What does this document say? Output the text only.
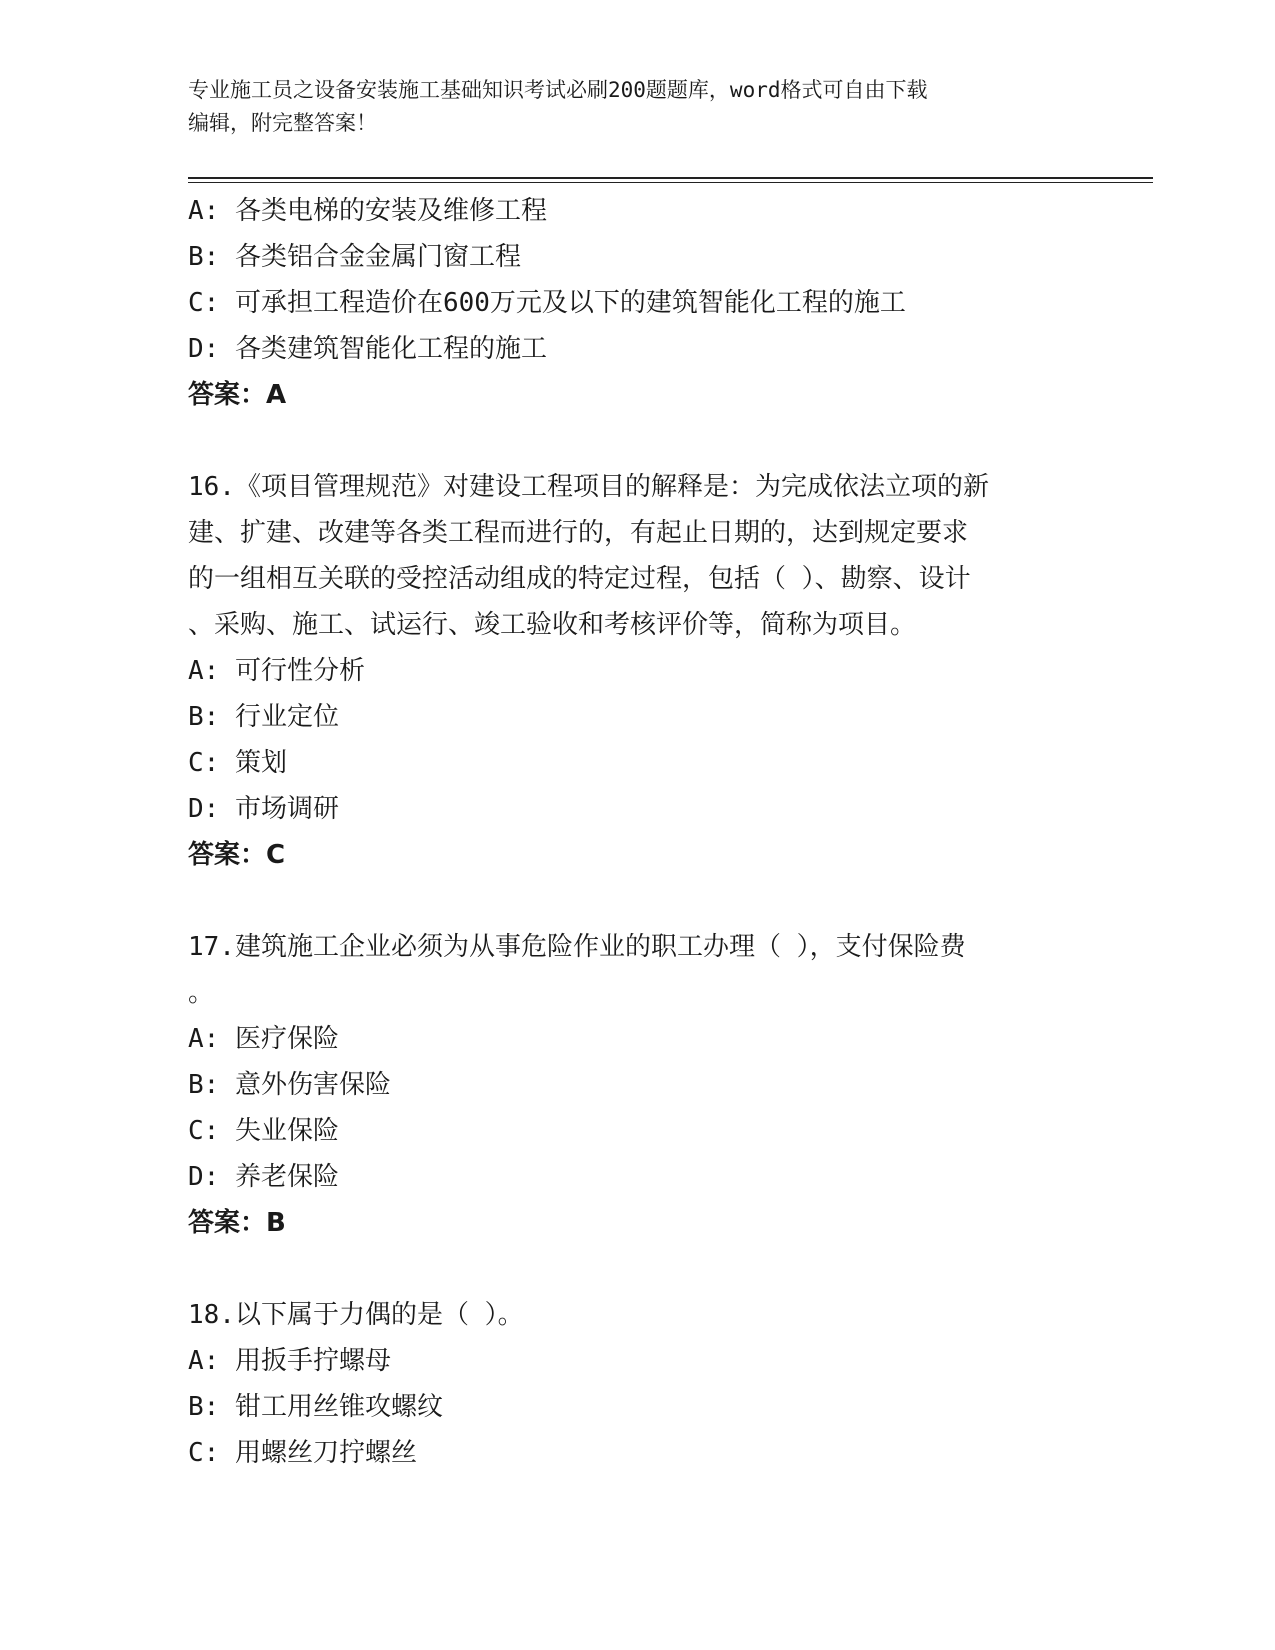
专业施工员之设备安装施工基础知识考试必刷200题题库，word格式可自由下载
编辑，附完整答案！
A: 各类电梯的安装及维修工程
B: 各类铝合金金属门窗工程
C: 可承担工程造价在600万元及以下的建筑智能化工程的施工
D: 各类建筑智能化工程的施工
答案：A
16.《项目管理规范》对建设工程项目的解释是：为完成依法立项的新
建、扩建、改建等各类工程而进行的，有起止日期的，达到规定要求
的一组相互关联的受控活动组成的特定过程，包括（ ）、勘察、设计
、采购、施工、试运行、竣工验收和考核评价等，简称为项目。
A: 可行性分析
B: 行业定位
C: 策划
D: 市场调研
答案：C
17.建筑施工企业必须为从事危险作业的职工办理（ ），支付保险费
。
A: 医疗保险
B: 意外伤害保险
C: 失业保险
D: 养老保险
答案：B
18.以下属于力偶的是（ ）。
A: 用扳手拧螺母
B: 钳工用丝锥攻螺纹
C: 用螺丝刀拧螺丝
